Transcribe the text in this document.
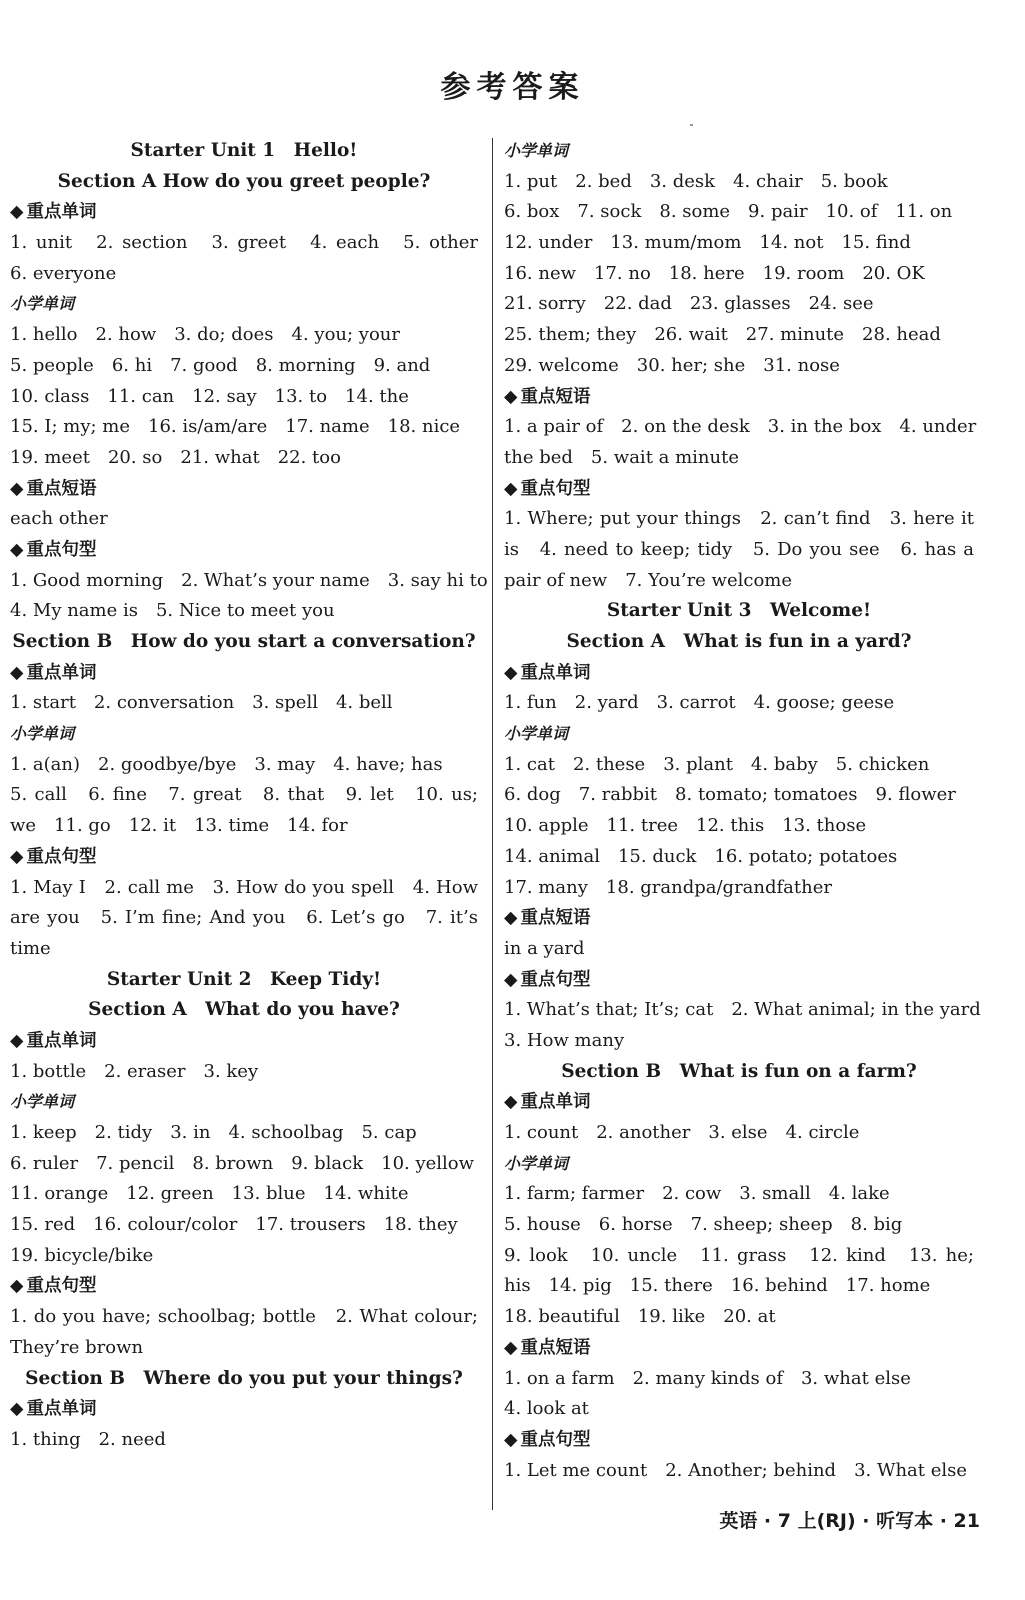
参考答案
Starter Unit 1　Hello!
Section A How do you greet people?
◆ 重点单词
1. unit　2. section　3. greet　4. each　5. other
6. everyone
小学单词
1. hello　2. how　3. do; does　4. you; your
5. people　6. hi　7. good　8. morning　9. and
10. class　11. can　12. say　13. to　14. the
15. I; my; me　16. is/am/are　17. name　18. nice
19. meet　20. so　21. what　22. too
◆ 重点短语
each other
◆ 重点句型
1. Good morning　2. What’s your name　3. say hi to
4. My name is　5. Nice to meet you
Section B　How do you start a conversation?
◆ 重点单词
1. start　2. conversation　3. spell　4. bell
小学单词
1. a(an)　2. goodbye/bye　3. may　4. have; has
5. call　6. fine　7. great　8. that　9. let　10. us;
we　11. go　12. it　13. time　14. for
◆ 重点句型
1. May I　2. call me　3. How do you spell　4. How
are you　5. I’m fine; And you　6. Let’s go　7. it’s
time
Starter Unit 2　Keep Tidy!
Section A　What do you have?
◆ 重点单词
1. bottle　2. eraser　3. key
小学单词
1. keep　2. tidy　3. in　4. schoolbag　5. cap
6. ruler　7. pencil　8. brown　9. black　10. yellow
11. orange　12. green　13. blue　14. white
15. red　16. colour/color　17. trousers　18. they
19. bicycle/bike
◆ 重点句型
1. do you have; schoolbag; bottle　2. What colour;
They’re brown
Section B　Where do you put your things?
◆ 重点单词
1. thing　2. need
小学单词
1. put　2. bed　3. desk　4. chair　5. book
6. box　7. sock　8. some　9. pair　10. of　11. on
12. under　13. mum/mom　14. not　15. find
16. new　17. no　18. here　19. room　20. OK
21. sorry　22. dad　23. glasses　24. see
25. them; they　26. wait　27. minute　28. head
29. welcome　30. her; she　31. nose
◆ 重点短语
1. a pair of　2. on the desk　3. in the box　4. under
the bed　5. wait a minute
◆ 重点句型
1. Where; put your things　2. can’t find　3. here it
is　4. need to keep; tidy　5. Do you see　6. has a
pair of new　7. You’re welcome
Starter Unit 3　Welcome!
Section A　What is fun in a yard?
◆ 重点单词
1. fun　2. yard　3. carrot　4. goose; geese
小学单词
1. cat　2. these　3. plant　4. baby　5. chicken
6. dog　7. rabbit　8. tomato; tomatoes　9. flower
10. apple　11. tree　12. this　13. those
14. animal　15. duck　16. potato; potatoes
17. many　18. grandpa/grandfather
◆ 重点短语
in a yard
◆ 重点句型
1. What’s that; It’s; cat　2. What animal; in the yard
3. How many
Section B　What is fun on a farm?
◆ 重点单词
1. count　2. another　3. else　4. circle
小学单词
1. farm; farmer　2. cow　3. small　4. lake
5. house　6. horse　7. sheep; sheep　8. big
9. look　10. uncle　11. grass　12. kind　13. he;
his　14. pig　15. there　16. behind　17. home
18. beautiful　19. like　20. at
◆ 重点短语
1. on a farm　2. many kinds of　3. what else
4. look at
◆ 重点句型
1. Let me count　2. Another; behind　3. What else
英语 · 7 上(RJ) · 听写本 · 21
